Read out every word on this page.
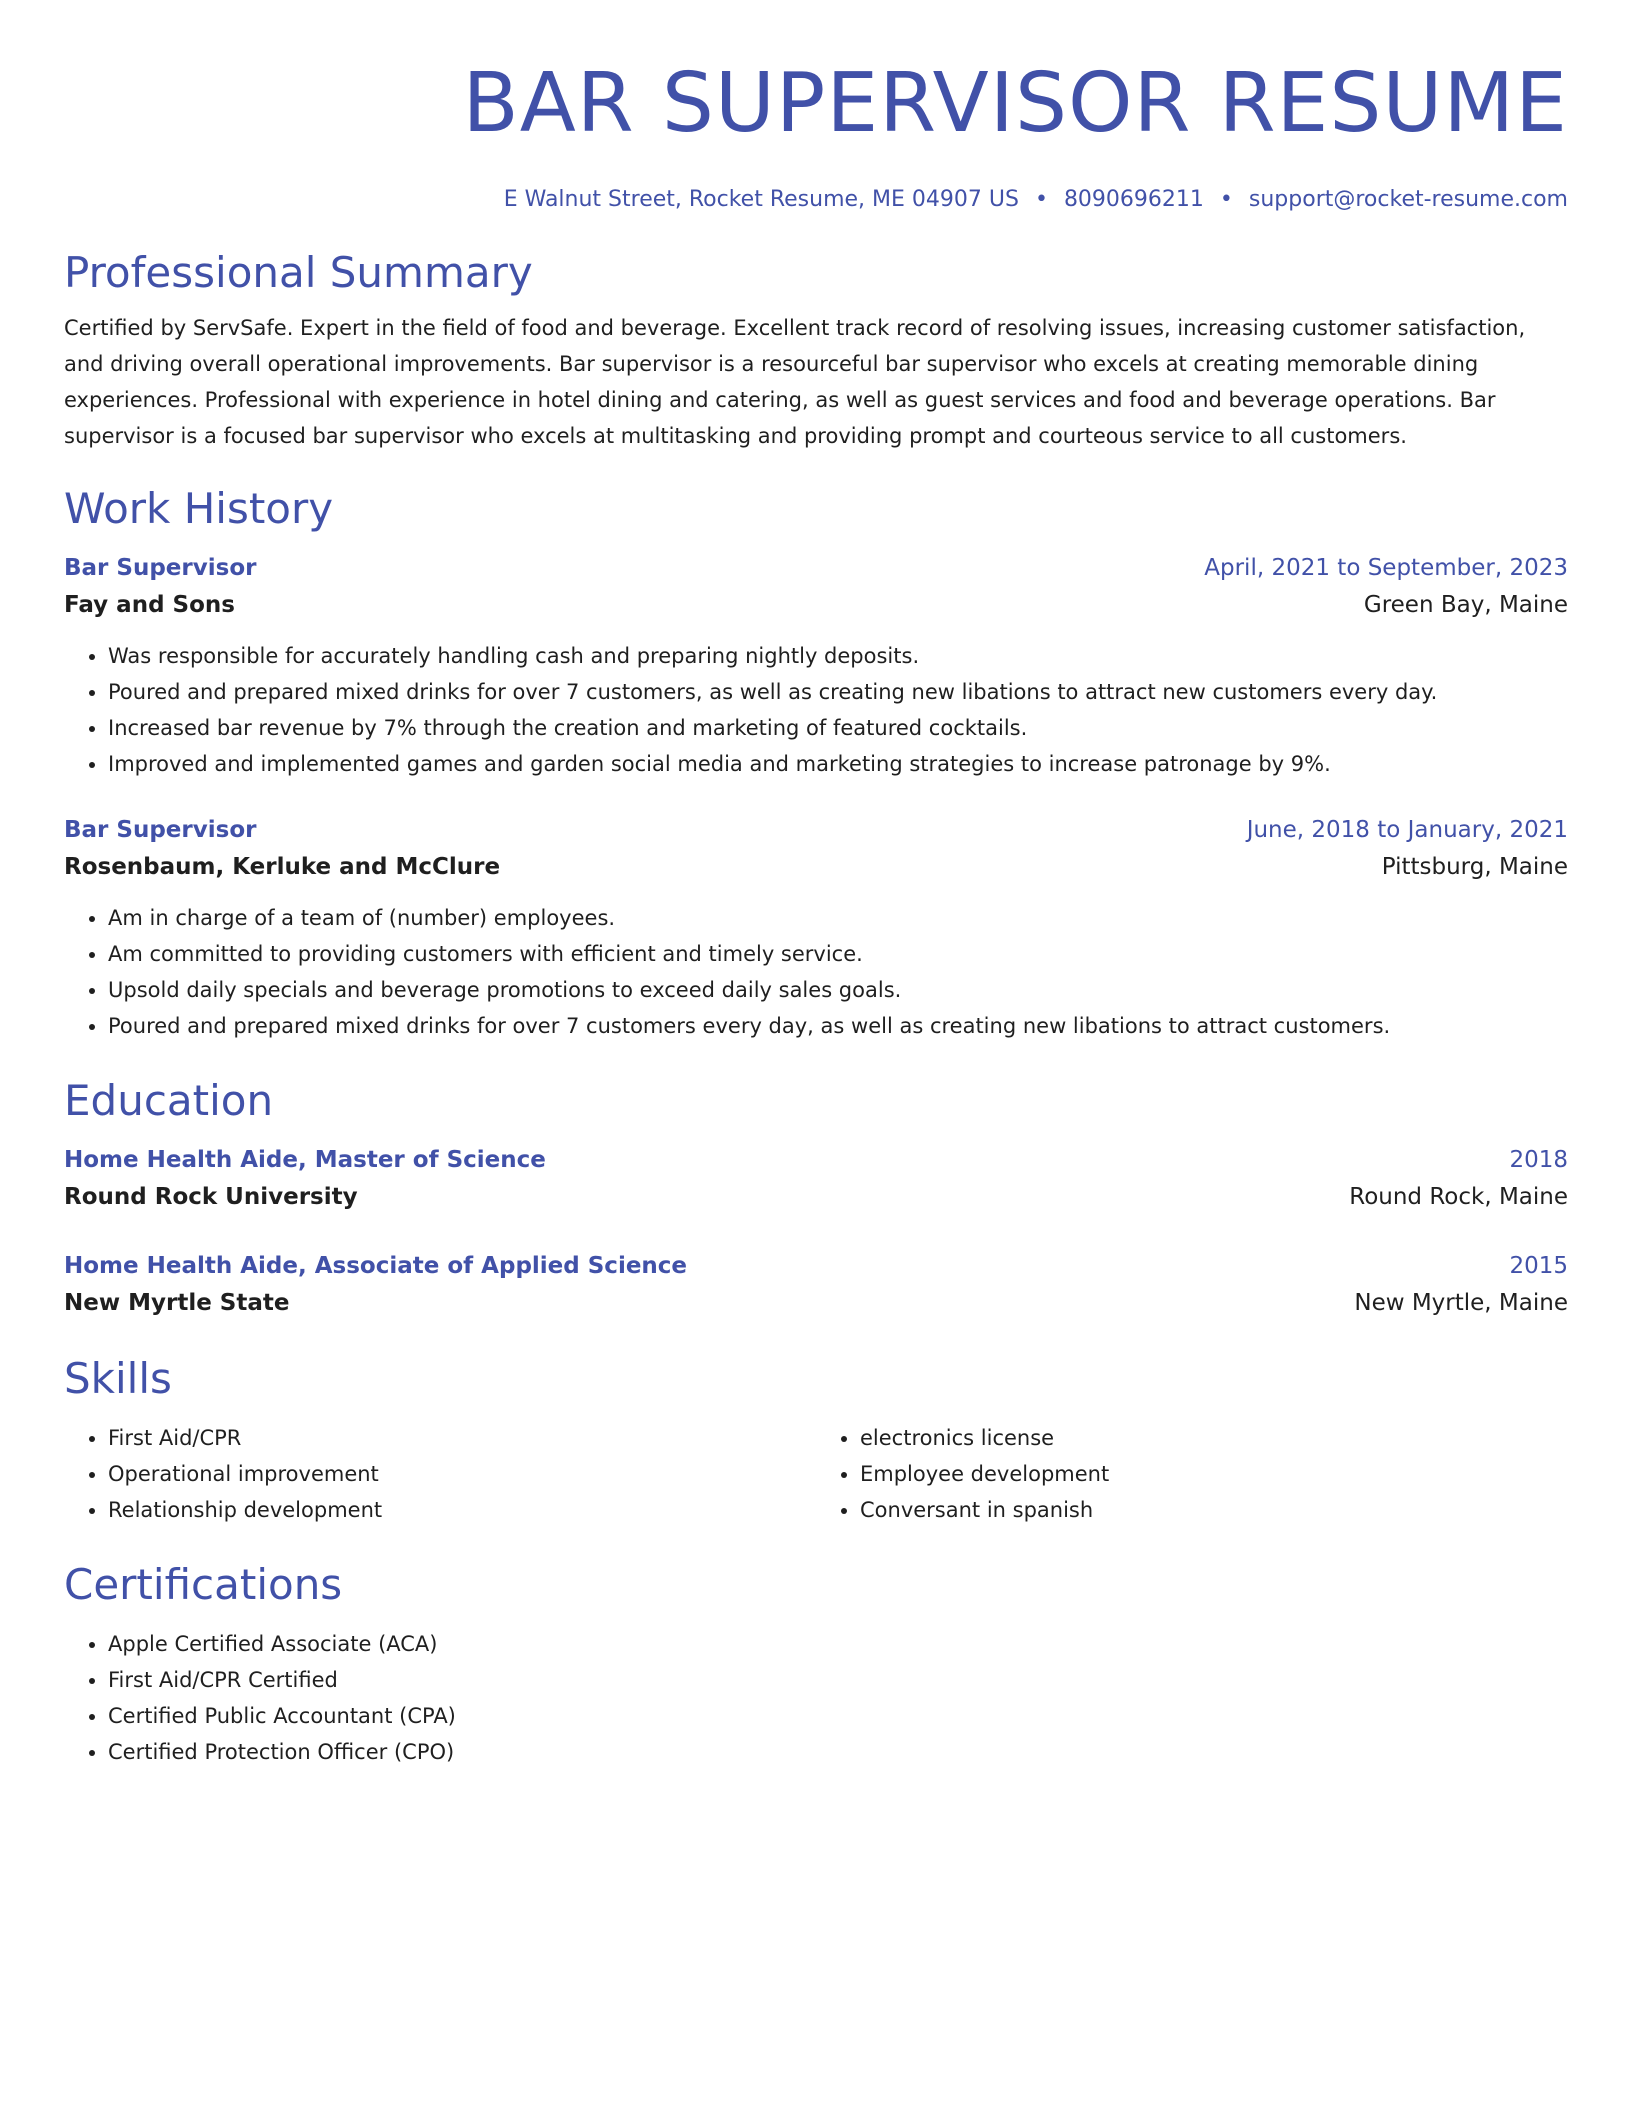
BAR SUPERVISOR RESUME
E Walnut Street, Rocket Resume, ME 04907 US • 8090696211 • support@rocket-resume.com
Professional Summary
Certified by ServSafe. Expert in the field of food and beverage. Excellent track record of resolving issues, increasing customer satisfaction, and driving overall operational improvements. Bar supervisor is a resourceful bar supervisor who excels at creating memorable dining experiences. Professional with experience in hotel dining and catering, as well as guest services and food and beverage operations. Bar supervisor is a focused bar supervisor who excels at multitasking and providing prompt and courteous service to all customers.
Work History
Bar Supervisor	April, 2021 to September, 2023
Fay and Sons	Green Bay, Maine
• Was responsible for accurately handling cash and preparing nightly deposits.
• Poured and prepared mixed drinks for over 7 customers, as well as creating new libations to attract new customers every day.
• Increased bar revenue by 7% through the creation and marketing of featured cocktails.
• Improved and implemented games and garden social media and marketing strategies to increase patronage by 9%.
Bar Supervisor	June, 2018 to January, 2021
Rosenbaum, Kerluke and McClure	Pittsburg, Maine
• Am in charge of a team of (number) employees.
• Am committed to providing customers with efficient and timely service.
• Upsold daily specials and beverage promotions to exceed daily sales goals.
• Poured and prepared mixed drinks for over 7 customers every day, as well as creating new libations to attract customers.
Education
Home Health Aide, Master of Science	2018
Round Rock University	Round Rock, Maine
Home Health Aide, Associate of Applied Science	2015
New Myrtle State	New Myrtle, Maine
Skills
• First Aid/CPR
• Operational improvement
• Relationship development
• electronics license
• Employee development
• Conversant in spanish
Certifications
• Apple Certified Associate (ACA)
• First Aid/CPR Certified
• Certified Public Accountant (CPA)
• Certified Protection Officer (CPO)
